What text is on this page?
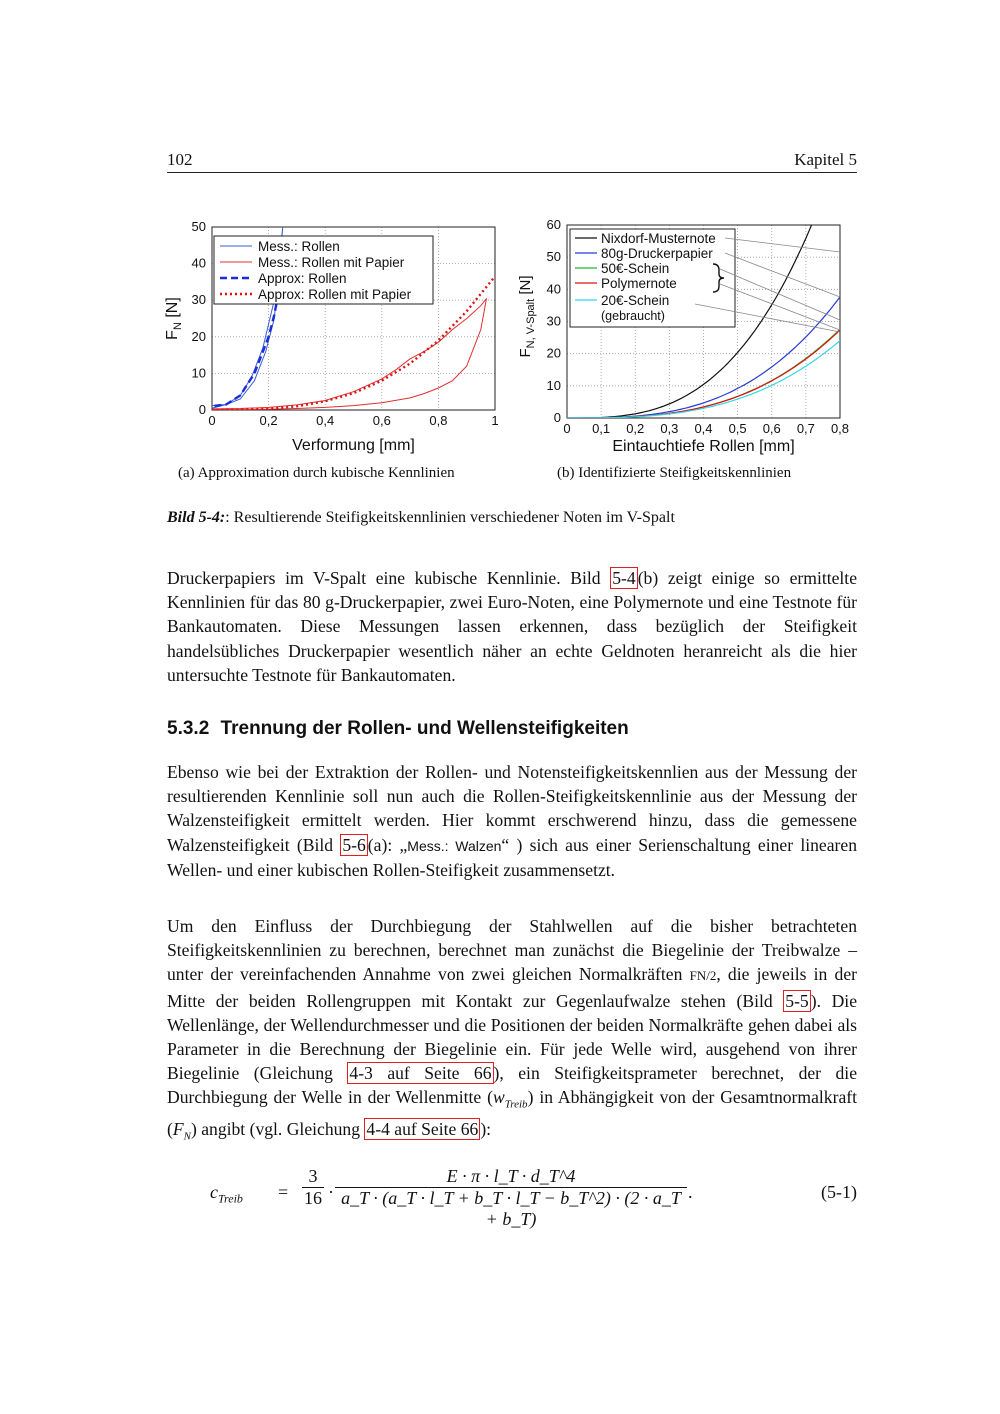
102	Kapitel 5
0	0,2	0,4	0,6	0,8	1
0
10
20
30
40
50
Mess.: Rollen
Mess.: Rollen mit Papier
Approx: Rollen
Approx: Rollen mit Papier
Verformung [mm]
$F_N$ [N]
0 0,1 0,2 0,3 0,4 0,5 0,6 0,7 0,8
0
10
20
30
40
50
60
Nixdorf-Musternote
80g-Druckerpapier
50€-Schein
Polymernote
20€-Schein
(gebraucht)
Eintauchtiefe Rollen [mm]
$F_{N, V-Spalt}$ [N]
(a) Approximation durch kubische Kennlinien	(b) Identifizierte Steifigkeitskennlinien
Bild 5-4:: Resultierende Steifigkeitskennlinien verschiedener Noten im V-Spalt

Druckerpapiers im V-Spalt eine kubische Kennlinie. Bild 5-4 (b) zeigt einige so ermittelte Kennlinien für das 80 g-Druckerpapier, zwei Euro-Noten, eine Polymernote und eine Testnote für Bankautomaten. Diese Messungen lassen erkennen, dass bezüglich der Steifigkeit handelsübliches Druckerpapier wesentlich näher an echte Geldnoten heranreicht als die hier untersuchte Testnote für Bankautomaten.

5.3.2 Trennung der Rollen- und Wellensteifigkeiten

Ebenso wie bei der Extraktion der Rollen- und Notensteifigkeitskennlien aus der Messung der resultierenden Kennlinie soll nun auch die Rollen-Steifigkeitskennlinie aus der Messung der Walzensteifigkeit ermittelt werden. Hier kommt erschwerend hinzu, dass die gemessene Walzensteifigkeit (Bild 5-6 (a): „Mess.: Walzen“ ) sich aus einer Serienschaltung einer linearen Wellen- und einer kubischen Rollen-Steifigkeit zusammensetzt.

Um den Einfluss der Durchbiegung der Stahlwellen auf die bisher betrachteten Steifigkeitskennlinien zu berechnen, berechnet man zunächst die Biegelinie der Treibwalze – unter der vereinfachenden Annahme von zwei gleichen Normalkräften FN/2, die jeweils in der Mitte der beiden Rollengruppen mit Kontakt zur Gegenlaufwalze stehen (Bild 5-5 ). Die Wellenlänge, der Wellendurchmesser und die Positionen der beiden Normalkräfte gehen dabei als Parameter in die Berechnung der Biegelinie ein. Für jede Welle wird, ausgehend von ihrer Biegelinie (Gleichung 4-3 auf Seite 66 ), ein Steifigkeitsprameter berechnet, der die Durchbiegung der Welle in der Wellenmitte $(w_{Treib})$ in Abhängigkeit von der Gesamtnormalkraft $(F_N)$ angibt (vgl. Gleichung 4-4 auf Seite 66 ):

$c_{Treib} = \frac{3}{16} \cdot \frac{E \cdot \pi \cdot l\_T \cdot d\_T\^{}4}{a\_T \cdot (a\_T \cdot l\_T + b\_T \cdot l\_T - b\_T\^{}2) \cdot (2 \cdot a\_T + b\_T)}$ .	(5-1)
